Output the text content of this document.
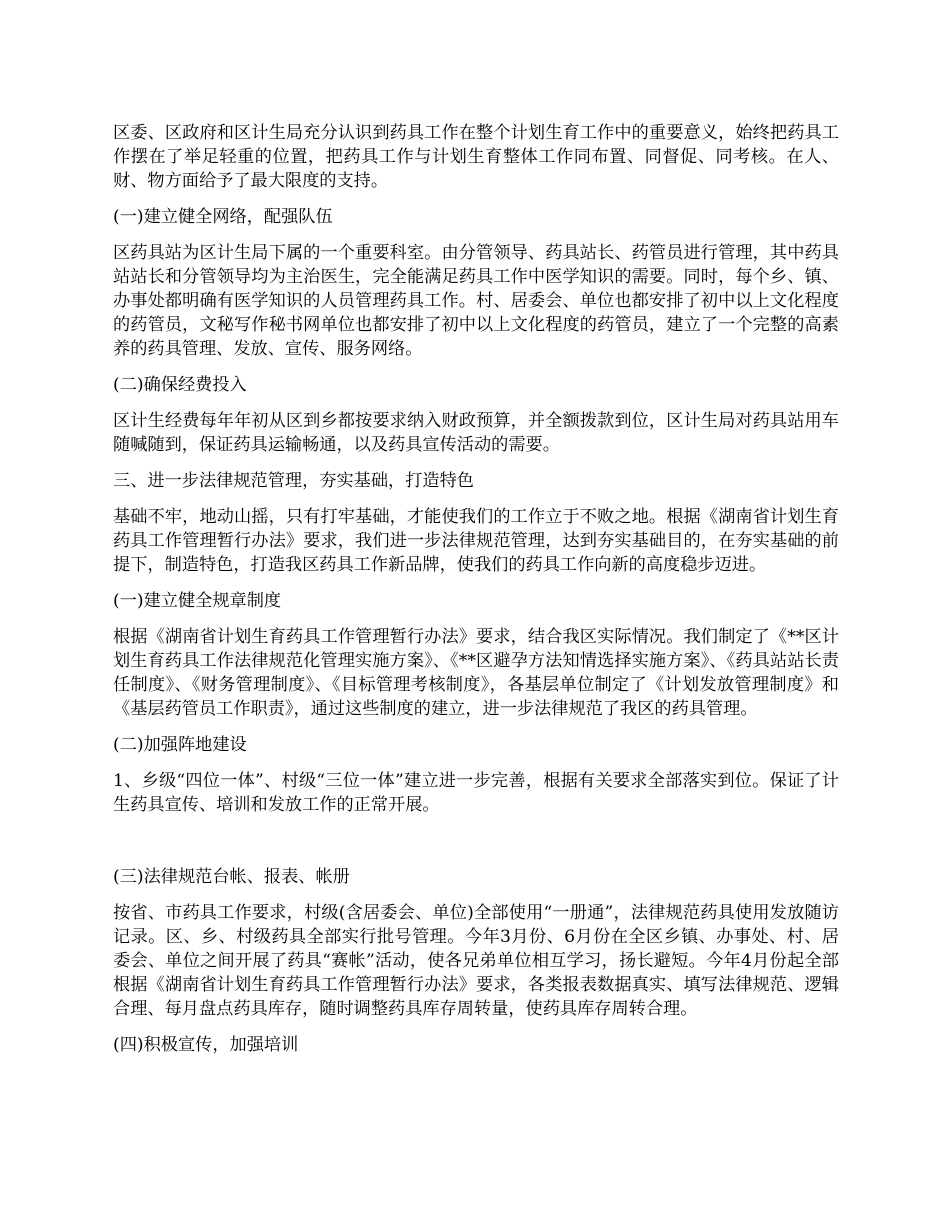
区委、区政府和区计生局充分认识到药具工作在整个计划生育工作中的重要意义，始终把药具工作摆在了举足轻重的位置，把药具工作与计划生育整体工作同布置、同督促、同考核。在人、财、物方面给予了最大限度的支持。

(一)建立健全网络，配强队伍

区药具站为区计生局下属的一个重要科室。由分管领导、药具站长、药管员进行管理，其中药具站站长和分管领导均为主治医生，完全能满足药具工作中医学知识的需要。同时，每个乡、镇、办事处都明确有医学知识的人员管理药具工作。村、居委会、单位也都安排了初中以上文化程度的药管员，文秘写作秘书网单位也都安排了初中以上文化程度的药管员，建立了一个完整的高素养的药具管理、发放、宣传、服务网络。

(二)确保经费投入

区计生经费每年年初从区到乡都按要求纳入财政预算，并全额拨款到位，区计生局对药具站用车随喊随到，保证药具运输畅通，以及药具宣传活动的需要。

三、进一步法律规范管理，夯实基础，打造特色

基础不牢，地动山摇，只有打牢基础，才能使我们的工作立于不败之地。根据《湖南省计划生育药具工作管理暂行办法》要求，我们进一步法律规范管理，达到夯实基础目的，在夯实基础的前提下，制造特色，打造我区药具工作新品牌，使我们的药具工作向新的高度稳步迈进。

(一)建立健全规章制度

根据《湖南省计划生育药具工作管理暂行办法》要求，结合我区实际情况。我们制定了《**区计划生育药具工作法律规范化管理实施方案》、《**区避孕方法知情选择实施方案》、《药具站站长责任制度》、《财务管理制度》、《目标管理考核制度》，各基层单位制定了《计划发放管理制度》和《基层药管员工作职责》，通过这些制度的建立，进一步法律规范了我区的药具管理。

(二)加强阵地建设

1、乡级“四位一体”、村级“三位一体”建立进一步完善，根据有关要求全部落实到位。保证了计生药具宣传、培训和发放工作的正常开展。

(三)法律规范台帐、报表、帐册

按省、市药具工作要求，村级(含居委会、单位)全部使用“一册通”，法律规范药具使用发放随访记录。区、乡、村级药具全部实行批号管理。今年3月份、6月份在全区乡镇、办事处、村、居委会、单位之间开展了药具“赛帐”活动，使各兄弟单位相互学习，扬长避短。今年4月份起全部根据《湖南省计划生育药具工作管理暂行办法》要求，各类报表数据真实、填写法律规范、逻辑合理、每月盘点药具库存，随时调整药具库存周转量，使药具库存周转合理。

(四)积极宣传，加强培训
